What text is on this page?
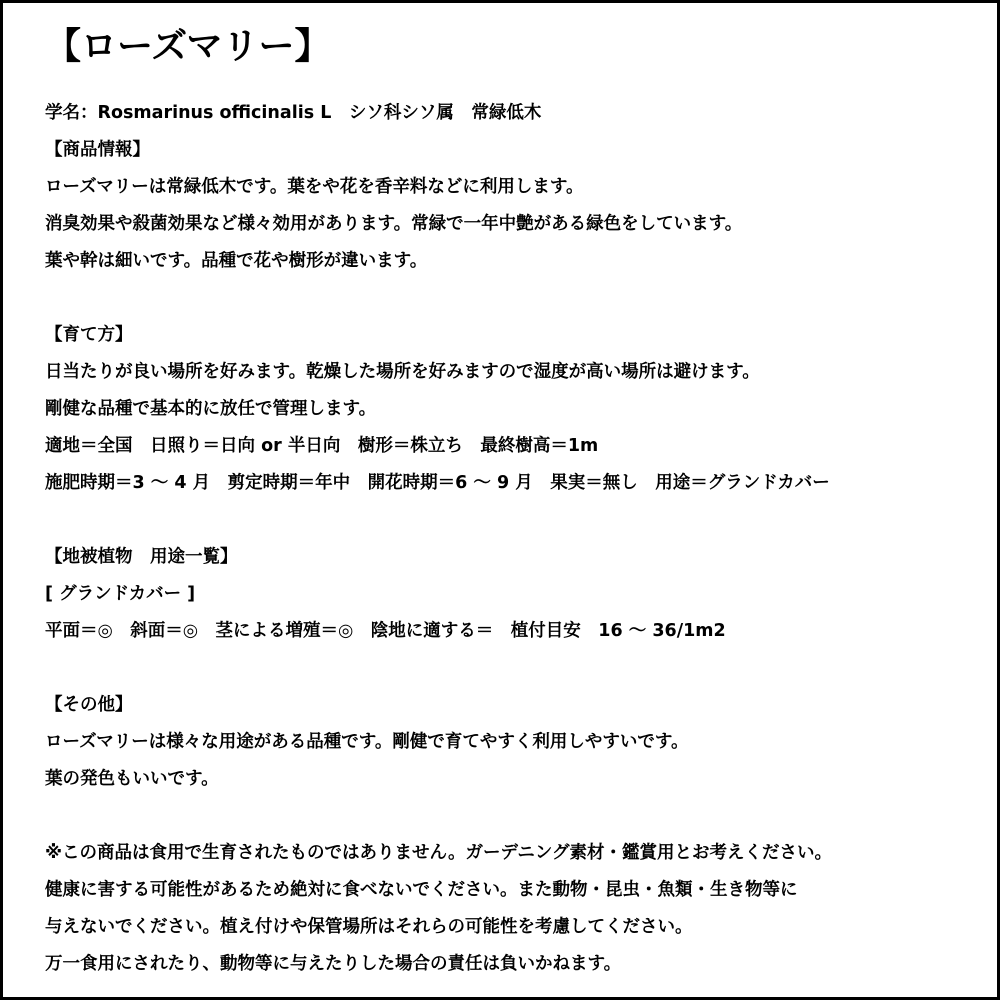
【ローズマリー】
学名：Rosmarinus officinalis L　シソ科シソ属　常緑低木
【商品情報】
ローズマリーは常緑低木です。葉をや花を香辛料などに利用します。
消臭効果や殺菌効果など様々効用があります。常緑で一年中艶がある緑色をしています。
葉や幹は細いです。品種で花や樹形が違います。
【育て方】
日当たりが良い場所を好みます。乾燥した場所を好みますので湿度が高い場所は避けます。
剛健な品種で基本的に放任で管理します。
適地＝全国　日照り＝日向 or 半日向　樹形＝株立ち　最終樹高＝1m
施肥時期＝3 ～ 4 月　剪定時期＝年中　開花時期＝6 ～ 9 月　果実＝無し　用途＝グランドカバー
【地被植物　用途一覧】
[ グランドカバー ]
平面＝◎　斜面＝◎　茎による増殖＝◎　陰地に適する＝　植付目安　16 ～ 36/1m2
【その他】
ローズマリーは様々な用途がある品種です。剛健で育てやすく利用しやすいです。
葉の発色もいいです。
※この商品は食用で生育されたものではありません。ガーデニング素材・鑑賞用とお考えください。
健康に害する可能性があるため絶対に食べないでください。また動物・昆虫・魚類・生き物等に
与えないでください。植え付けや保管場所はそれらの可能性を考慮してください。
万一食用にされたり、動物等に与えたりした場合の責任は負いかねます。
